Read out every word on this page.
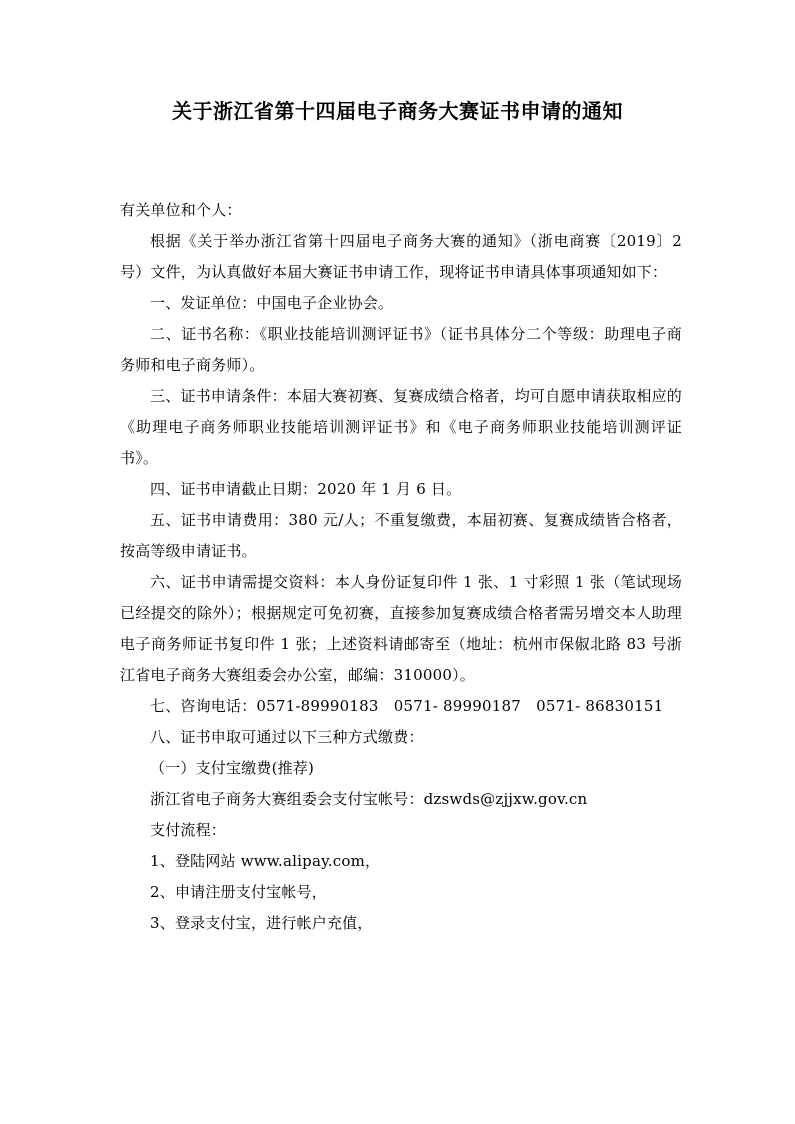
关于浙江省第十四届电子商务大赛证书申请的通知

有关单位和个人：

根据《关于举办浙江省第十四届电子商务大赛的通知》（浙电商赛〔2019〕2 号）文件，为认真做好本届大赛证书申请工作，现将证书申请具体事项通知如下：

一、发证单位：中国电子企业协会。

二、证书名称：《职业技能培训测评证书》（证书具体分二个等级：助理电子商务师和电子商务师）。

三、证书申请条件：本届大赛初赛、复赛成绩合格者，均可自愿申请获取相应的《助理电子商务师职业技能培训测评证书》和《电子商务师职业技能培训测评证书》。

四、证书申请截止日期：2020 年 1 月 6 日。

五、证书申请费用：380 元/人；不重复缴费，本届初赛、复赛成绩皆合格者，按高等级申请证书。

六、证书申请需提交资料：本人身份证复印件 1 张、1 寸彩照 1 张（笔试现场已经提交的除外）；根据规定可免初赛，直接参加复赛成绩合格者需另增交本人助理电子商务师证书复印件 1 张；上述资料请邮寄至（地址：杭州市保俶北路 83 号浙江省电子商务大赛组委会办公室，邮编：310000）。

七、咨询电话：0571-89990183　0571- 89990187　0571- 86830151

八、证书申取可通过以下三种方式缴费：

（一）支付宝缴费(推荐)

浙江省电子商务大赛组委会支付宝帐号：dzswds@zjjxw.gov.cn

支付流程：

1、登陆网站 www.alipay.com，

2、申请注册支付宝帐号，

3、登录支付宝，进行帐户充值，
